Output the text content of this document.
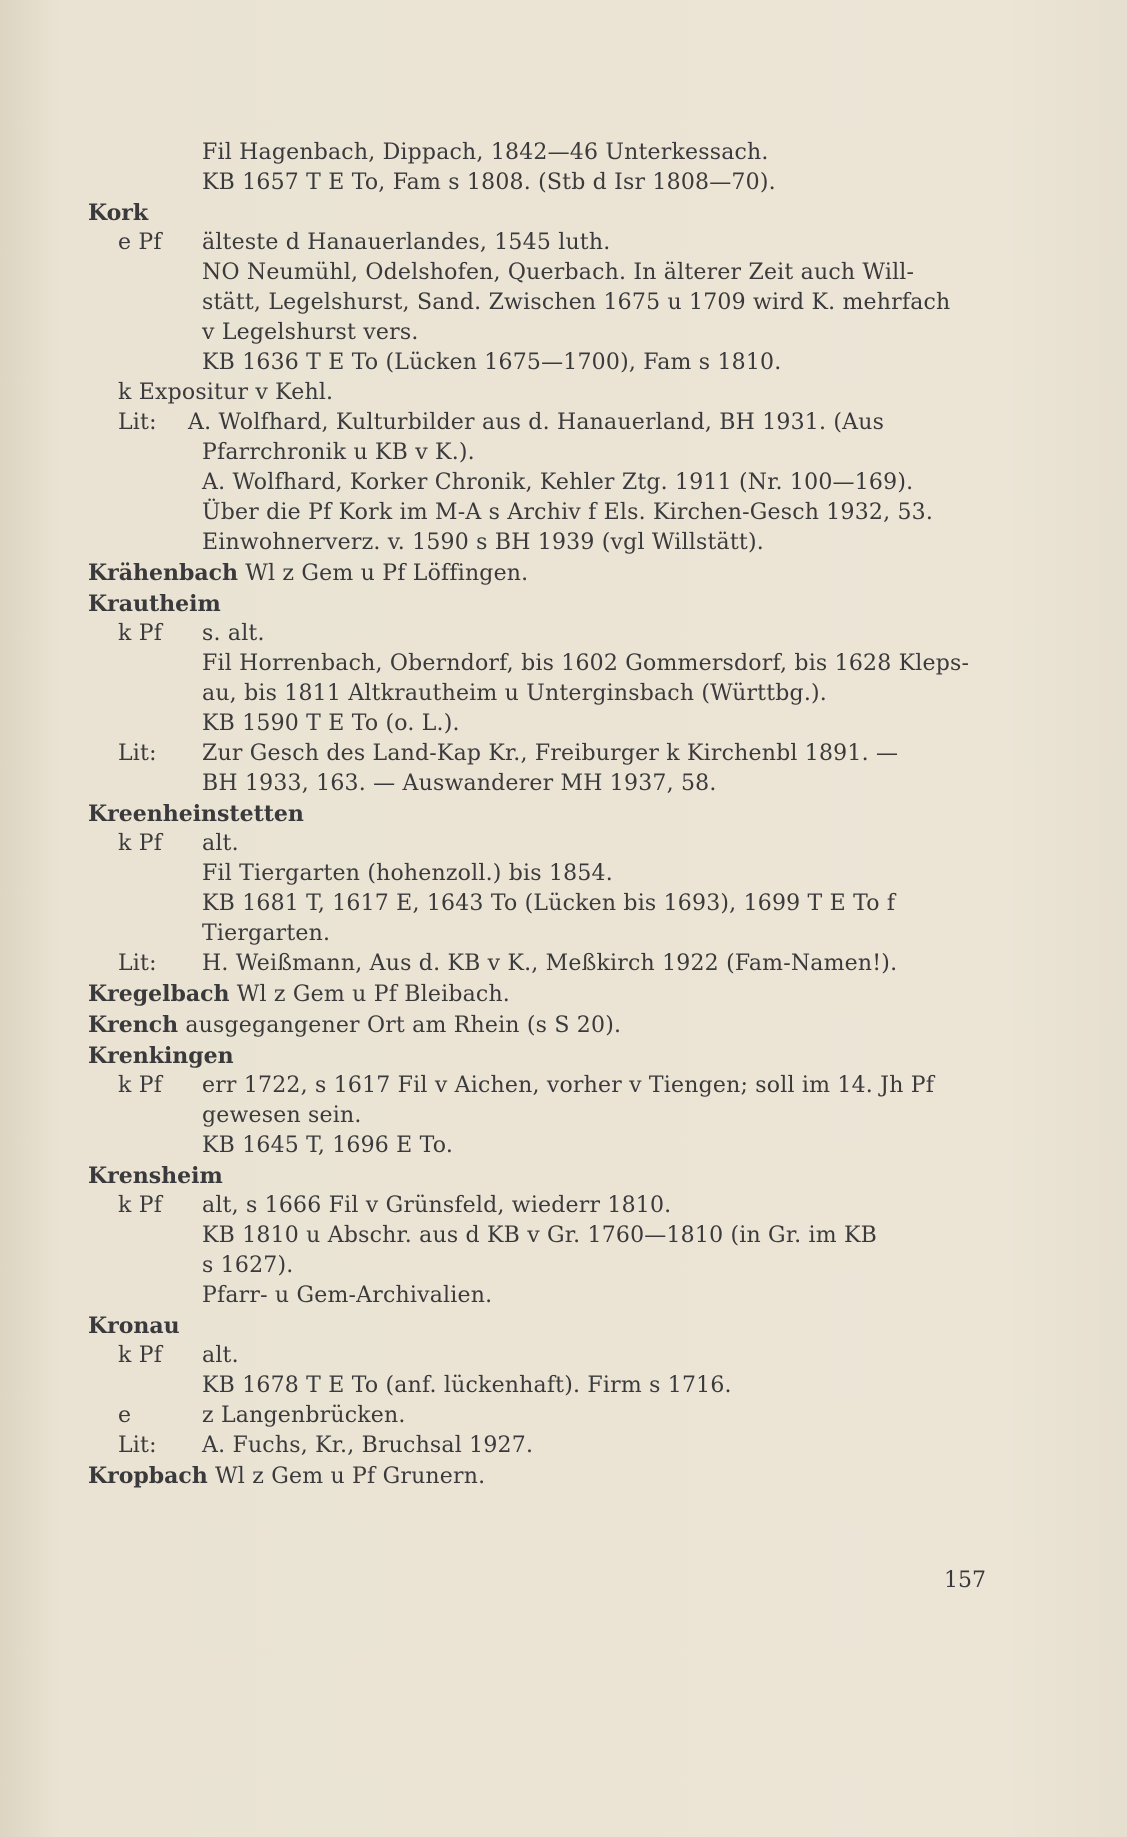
Fil Hagenbach, Dippach, 1842—46 Unterkessach.
KB 1657 T E To, Fam s 1808. (Stb d Isr 1808—70).
Kork
e Pf	älteste d Hanauerlandes, 1545 luth.
NO Neumühl, Odelshofen, Querbach. In älterer Zeit auch Will-
stätt, Legelshurst, Sand. Zwischen 1675 u 1709 wird K. mehrfach
v Legelshurst vers.
KB 1636 T E To (Lücken 1675—1700), Fam s 1810.
k Expositur v Kehl.
Lit:	A. Wolfhard, Kulturbilder aus d. Hanauerland, BH 1931. (Aus
Pfarrchronik u KB v K.).
A. Wolfhard, Korker Chronik, Kehler Ztg. 1911 (Nr. 100—169).
Über die Pf Kork im M-A s Archiv f Els. Kirchen-Gesch 1932, 53.
Einwohnerverz. v. 1590 s BH 1939 (vgl Willstätt).
Krähenbach Wl z Gem u Pf Löffingen.
Krautheim
k Pf	s. alt.
Fil Horrenbach, Oberndorf, bis 1602 Gommersdorf, bis 1628 Kleps-
au, bis 1811 Altkrautheim u Unterginsbach (Württbg.).
KB 1590 T E To (o. L.).
Lit:	Zur Gesch des Land-Kap Kr., Freiburger k Kirchenbl 1891. —
BH 1933, 163. — Auswanderer MH 1937, 58.
Kreenheinstetten
k Pf	alt.
Fil Tiergarten (hohenzoll.) bis 1854.
KB 1681 T, 1617 E, 1643 To (Lücken bis 1693), 1699 T E To f
Tiergarten.
Lit:	H. Weißmann, Aus d. KB v K., Meßkirch 1922 (Fam-Namen!).
Kregelbach Wl z Gem u Pf Bleibach.
Krench ausgegangener Ort am Rhein (s S 20).
Krenkingen
k Pf	err 1722, s 1617 Fil v Aichen, vorher v Tiengen; soll im 14. Jh Pf
gewesen sein.
KB 1645 T, 1696 E To.
Krensheim
k Pf	alt, s 1666 Fil v Grünsfeld, wiederr 1810.
KB 1810 u Abschr. aus d KB v Gr. 1760—1810 (in Gr. im KB
s 1627).
Pfarr- u Gem-Archivalien.
Kronau
k Pf	alt.
KB 1678 T E To (anf. lückenhaft). Firm s 1716.
e	z Langenbrücken.
Lit:	A. Fuchs, Kr., Bruchsal 1927.
Kropbach Wl z Gem u Pf Grunern.
157
